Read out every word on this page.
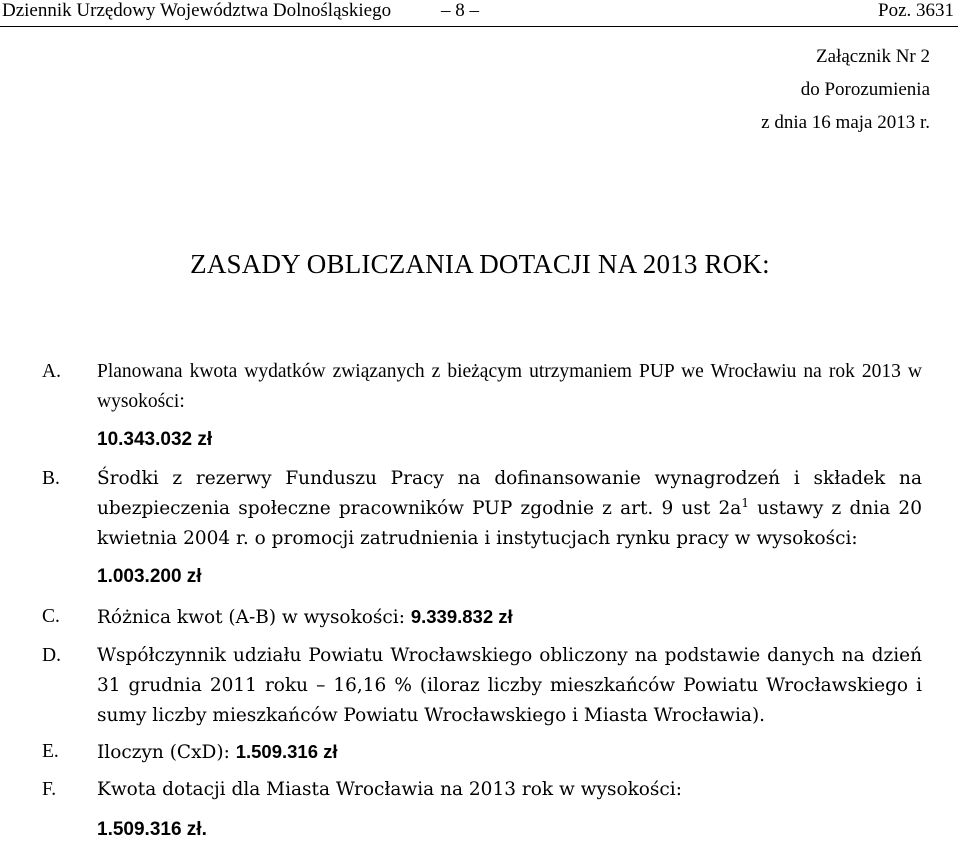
Dziennik Urzędowy Województwa Dolnośląskiego	– 8 –	Poz. 3631
Załącznik Nr 2
do Porozumienia
z dnia 16 maja 2013 r.
ZASADY OBLICZANIA DOTACJI NA 2013 ROK:
A. Planowana kwota wydatków związanych z bieżącym utrzymaniem PUP we Wrocławiu na rok 2013 w wysokości:
10.343.032 zł
B. Środki z rezerwy Funduszu Pracy na dofinansowanie wynagrodzeń i składek na ubezpieczenia społeczne pracowników PUP zgodnie z art. 9 ust $2a^1$ ustawy z dnia 20 kwietnia 2004 r. o promocji zatrudnienia i instytucjach rynku pracy w wysokości:
1.003.200 zł
C. Różnica kwot (A-B) w wysokości: 9.339.832 zł
D. Współczynnik udziału Powiatu Wrocławskiego obliczony na podstawie danych na dzień 31 grudnia 2011 roku – 16,16 % (iloraz liczby mieszkańców Powiatu Wrocławskiego i sumy liczby mieszkańców Powiatu Wrocławskiego i Miasta Wrocławia).
E. Iloczyn (CxD): 1.509.316 zł
F. Kwota dotacji dla Miasta Wrocławia na 2013 rok w wysokości:
1.509.316 zł.
